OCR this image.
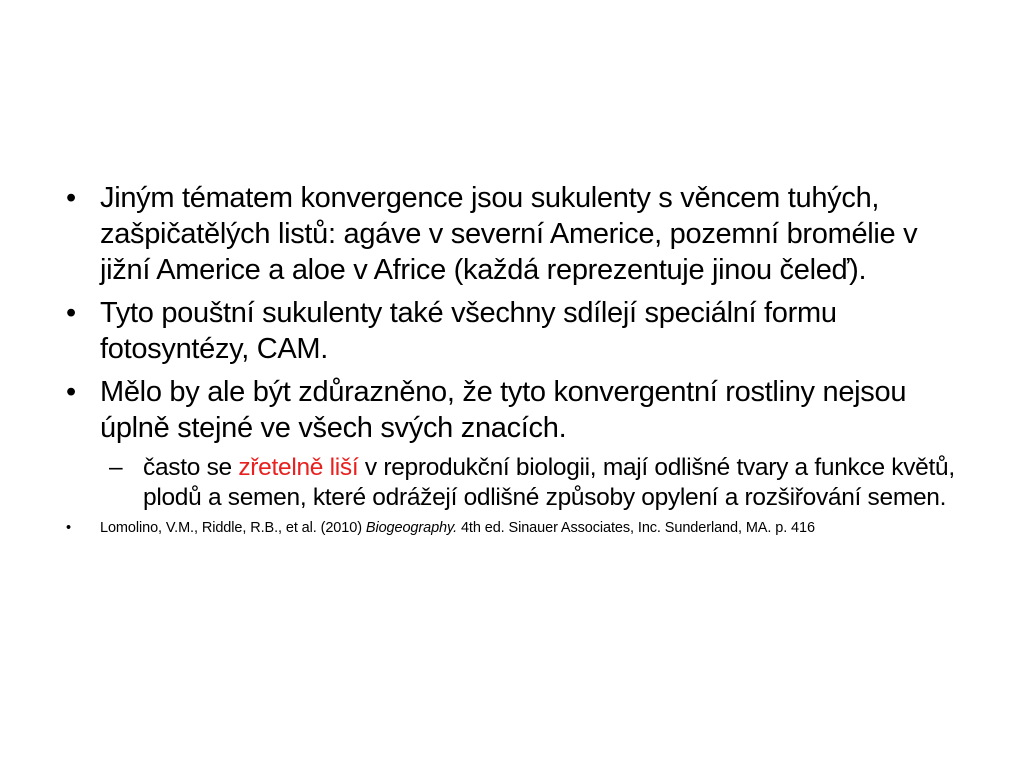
• Jiným tématem konvergence jsou sukulenty s věncem tuhých, zašpičatělých listů: agáve v severní Americe, pozemní bromélie v jižní Americe a aloe v Africe (každá reprezentuje jinou čeleď).
• Tyto pouštní sukulenty také všechny sdílejí speciální formu fotosyntézy, CAM.
• Mělo by ale být zdůrazněno, že tyto konvergentní rostliny nejsou úplně stejné ve všech svých znacích.
– často se zřetelně liší v reprodukční biologii, mají odlišné tvary a funkce květů, plodů a semen, které odrážejí odlišné způsoby opylení a rozšiřování semen.
• Lomolino, V.M., Riddle, R.B., et al. (2010) Biogeography. 4th ed. Sinauer Associates, Inc. Sunderland, MA. p. 416
